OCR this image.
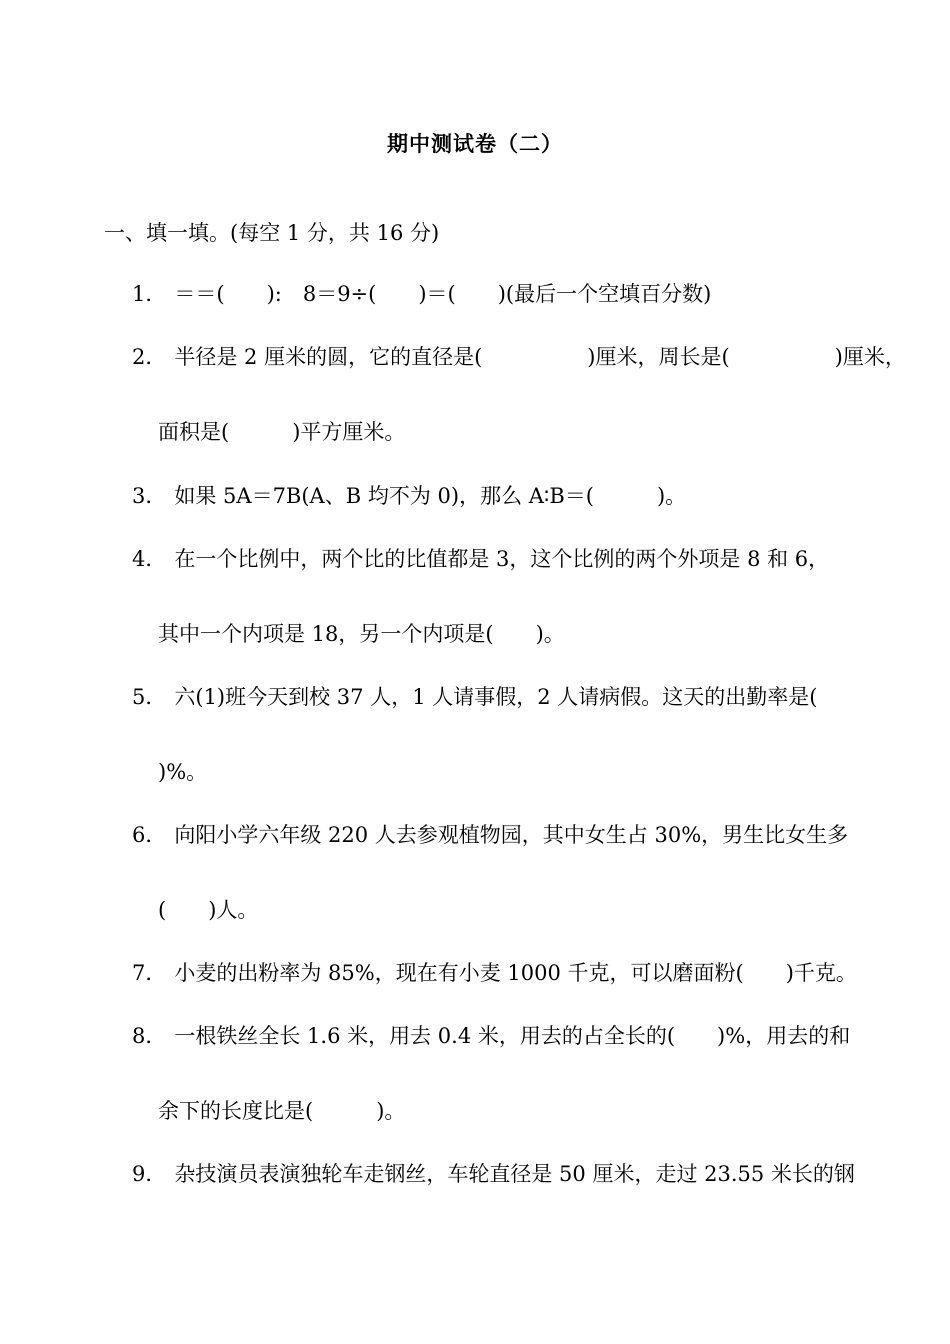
期中测试卷（二）
一、填一填。(每空 1 分，共 16 分)
1． ＝＝(　　):　8＝9÷(　　)＝(　　)(最后一个空填百分数)
2． 半径是 2 厘米的圆，它的直径是(　　　　　)厘米，周长是(　　　　　)厘米，
面积是(　　　)平方厘米。
3． 如果 5A＝7B(A、B 均不为 0)，那么 A∶B＝(　　　)。
4． 在一个比例中，两个比的比值都是 3，这个比例的两个外项是 8 和 6，
其中一个内项是 18，另一个内项是(　　)。
5． 六(1)班今天到校 37 人，1 人请事假，2 人请病假。这天的出勤率是(
)%。
6． 向阳小学六年级 220 人去参观植物园，其中女生占 30%，男生比女生多
(　　)人。
7． 小麦的出粉率为 85%，现在有小麦 1000 千克，可以磨面粉(　　)千克。
8． 一根铁丝全长 1.6 米，用去 0.4 米，用去的占全长的(　　)%，用去的和
余下的长度比是(　　　)。
9． 杂技演员表演独轮车走钢丝，车轮直径是 50 厘米，走过 23.55 米长的钢
